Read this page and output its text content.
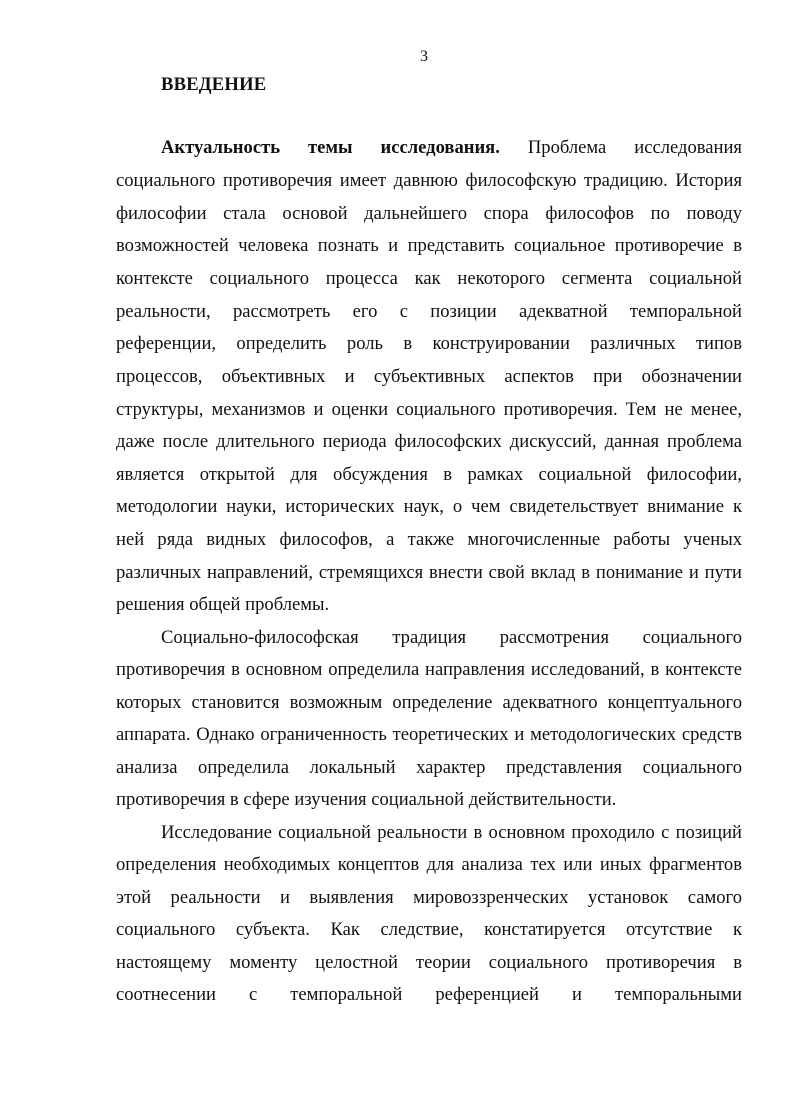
3
ВВЕДЕНИЕ
Актуальность темы исследования. Проблема исследования
социального противоречия имеет давнюю философскую традицию. История
философии стала основой дальнейшего спора философов по поводу
возможностей человека познать и представить социальное противоречие в
контексте социального процесса как некоторого сегмента социальной
реальности, рассмотреть его с позиции адекватной темпоральной
референции, определить роль в конструировании различных типов
процессов, объективных и субъективных аспектов при обозначении
структуры, механизмов и оценки социального противоречия. Тем не менее,
даже после длительного периода философских дискуссий, данная проблема
является открытой для обсуждения в рамках социальной философии,
методологии науки, исторических наук, о чем свидетельствует внимание к
ней ряда видных философов, а также многочисленные работы ученых
различных направлений, стремящихся внести свой вклад в понимание и пути
решения общей проблемы.
Социально-философская традиция рассмотрения социального
противоречия в основном определила направления исследований, в контексте
которых становится возможным определение адекватного концептуального
аппарата. Однако ограниченность теоретических и методологических средств
анализа определила локальный характер представления социального
противоречия в сфере изучения социальной действительности.
Исследование социальной реальности в основном проходило с позиций
определения необходимых концептов для анализа тех или иных фрагментов
этой реальности и выявления мировоззренческих установок самого
социального субъекта. Как следствие, констатируется отсутствие к
настоящему моменту целостной теории социального противоречия в
соотнесении с темпоральной референцией и темпоральными
